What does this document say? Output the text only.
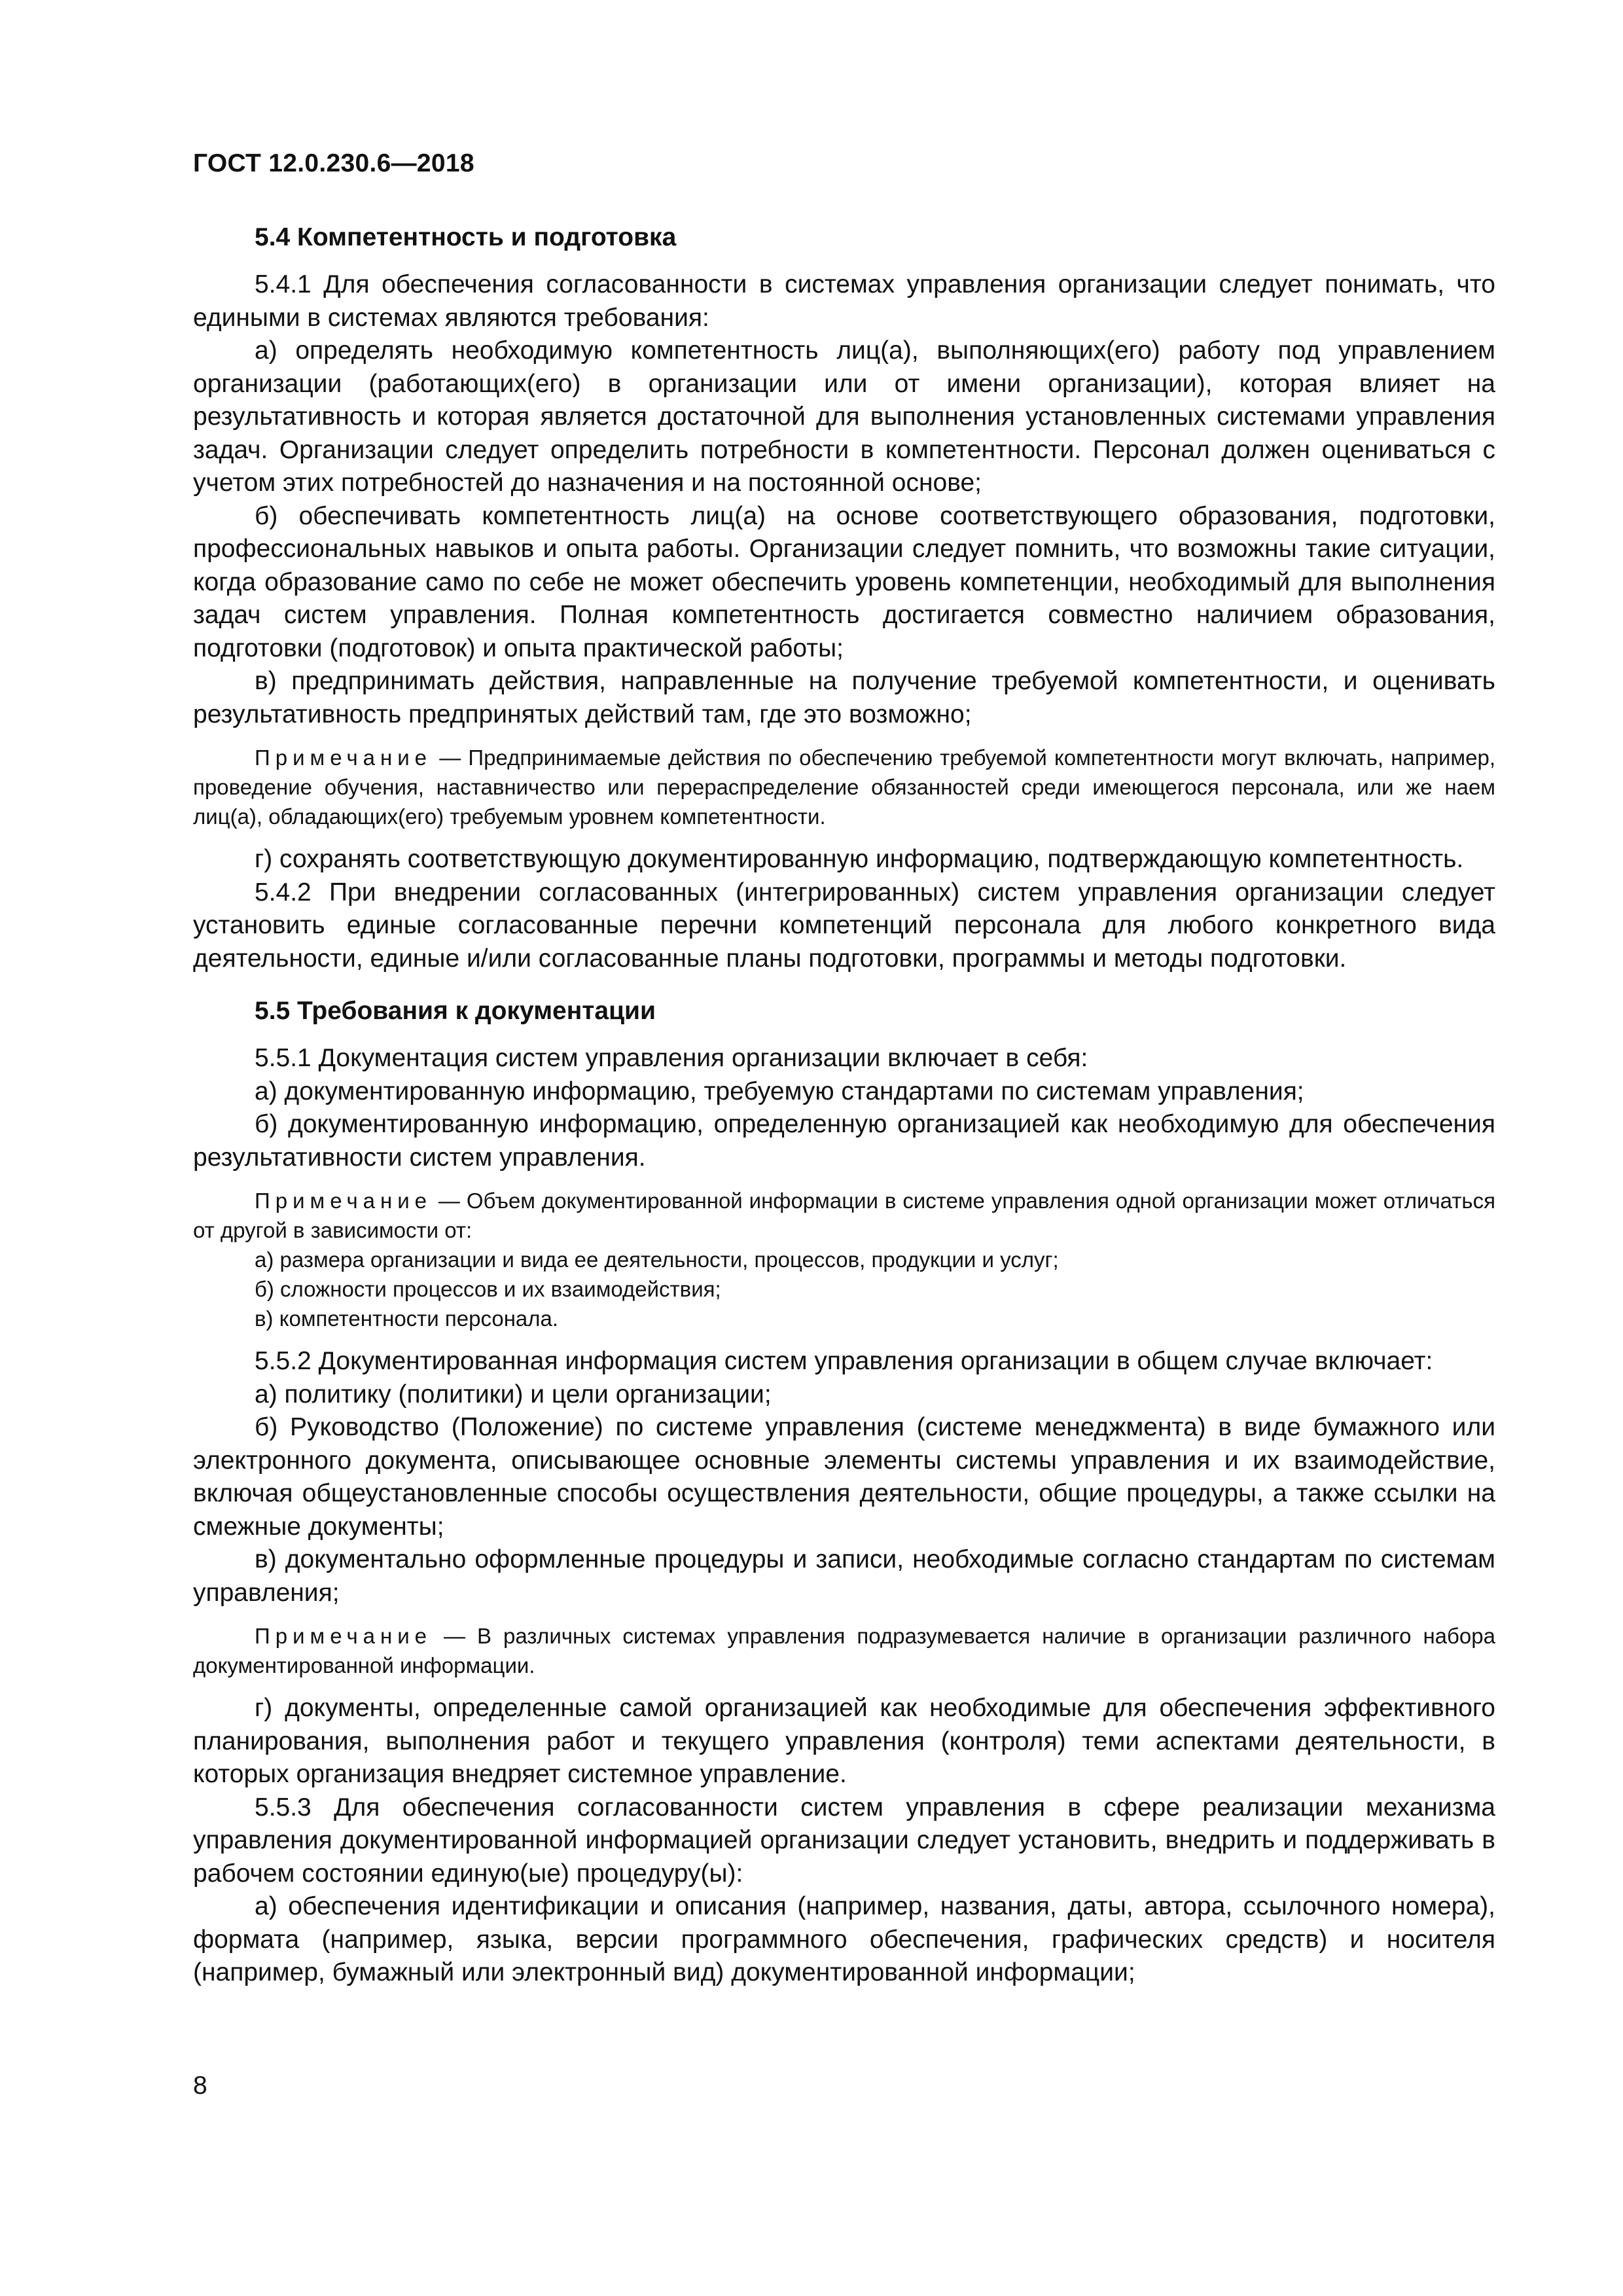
ГОСТ 12.0.230.6—2018
5.4 Компетентность и подготовка

5.4.1 Для обеспечения согласованности в системах управления организации следует понимать, что едиными в системах являются требования:

а) определять необходимую компетентность лиц(а), выполняющих(его) работу под управлением организации (работающих(его) в организации или от имени организации), которая влияет на результативность и которая является достаточной для выполнения установленных системами управления задач. Организации следует определить потребности в компетентности. Персонал должен оцениваться с учетом этих потребностей до назначения и на постоянной основе;

б) обеспечивать компетентность лиц(а) на основе соответствующего образования, подготовки, профессиональных навыков и опыта работы. Организации следует помнить, что возможны такие ситуации, когда образование само по себе не может обеспечить уровень компетенции, необходимый для выполнения задач систем управления. Полная компетентность достигается совместно наличием образования, подготовки (подготовок) и опыта практической работы;

в) предпринимать действия, направленные на получение требуемой компетентности, и оценивать результативность предпринятых действий там, где это возможно;

Примечание — Предпринимаемые действия по обеспечению требуемой компетентности могут включать, например, проведение обучения, наставничество или перераспределение обязанностей среди имеющегося персонала, или же наем лиц(а), обладающих(его) требуемым уровнем компетентности.

г) сохранять соответствующую документированную информацию, подтверждающую компетентность.

5.4.2 При внедрении согласованных (интегрированных) систем управления организации следует установить единые согласованные перечни компетенций персонала для любого конкретного вида деятельности, единые и/или согласованные планы подготовки, программы и методы подготовки.

5.5 Требования к документации

5.5.1 Документация систем управления организации включает в себя:

а) документированную информацию, требуемую стандартами по системам управления;

б) документированную информацию, определенную организацией как необходимую для обеспечения результативности систем управления.

Примечание — Объем документированной информации в системе управления одной организации может отличаться от другой в зависимости от:

а) размера организации и вида ее деятельности, процессов, продукции и услуг;

б) сложности процессов и их взаимодействия;

в) компетентности персонала.

5.5.2 Документированная информация систем управления организации в общем случае включает:

а) политику (политики) и цели организации;

б) Руководство (Положение) по системе управления (системе менеджмента) в виде бумажного или электронного документа, описывающее основные элементы системы управления и их взаимодействие, включая общеустановленные способы осуществления деятельности, общие процедуры, а также ссылки на смежные документы;

в) документально оформленные процедуры и записи, необходимые согласно стандартам по системам управления;

Примечание — В различных системах управления подразумевается наличие в организации различного набора документированной информации.

г) документы, определенные самой организацией как необходимые для обеспечения эффективного планирования, выполнения работ и текущего управления (контроля) теми аспектами деятельности, в которых организация внедряет системное управление.

5.5.3 Для обеспечения согласованности систем управления в сфере реализации механизма управления документированной информацией организации следует установить, внедрить и поддерживать в рабочем состоянии единую(ые) процедуру(ы):

а) обеспечения идентификации и описания (например, названия, даты, автора, ссылочного номера), формата (например, языка, версии программного обеспечения, графических средств) и носителя (например, бумажный или электронный вид) документированной информации;

8
